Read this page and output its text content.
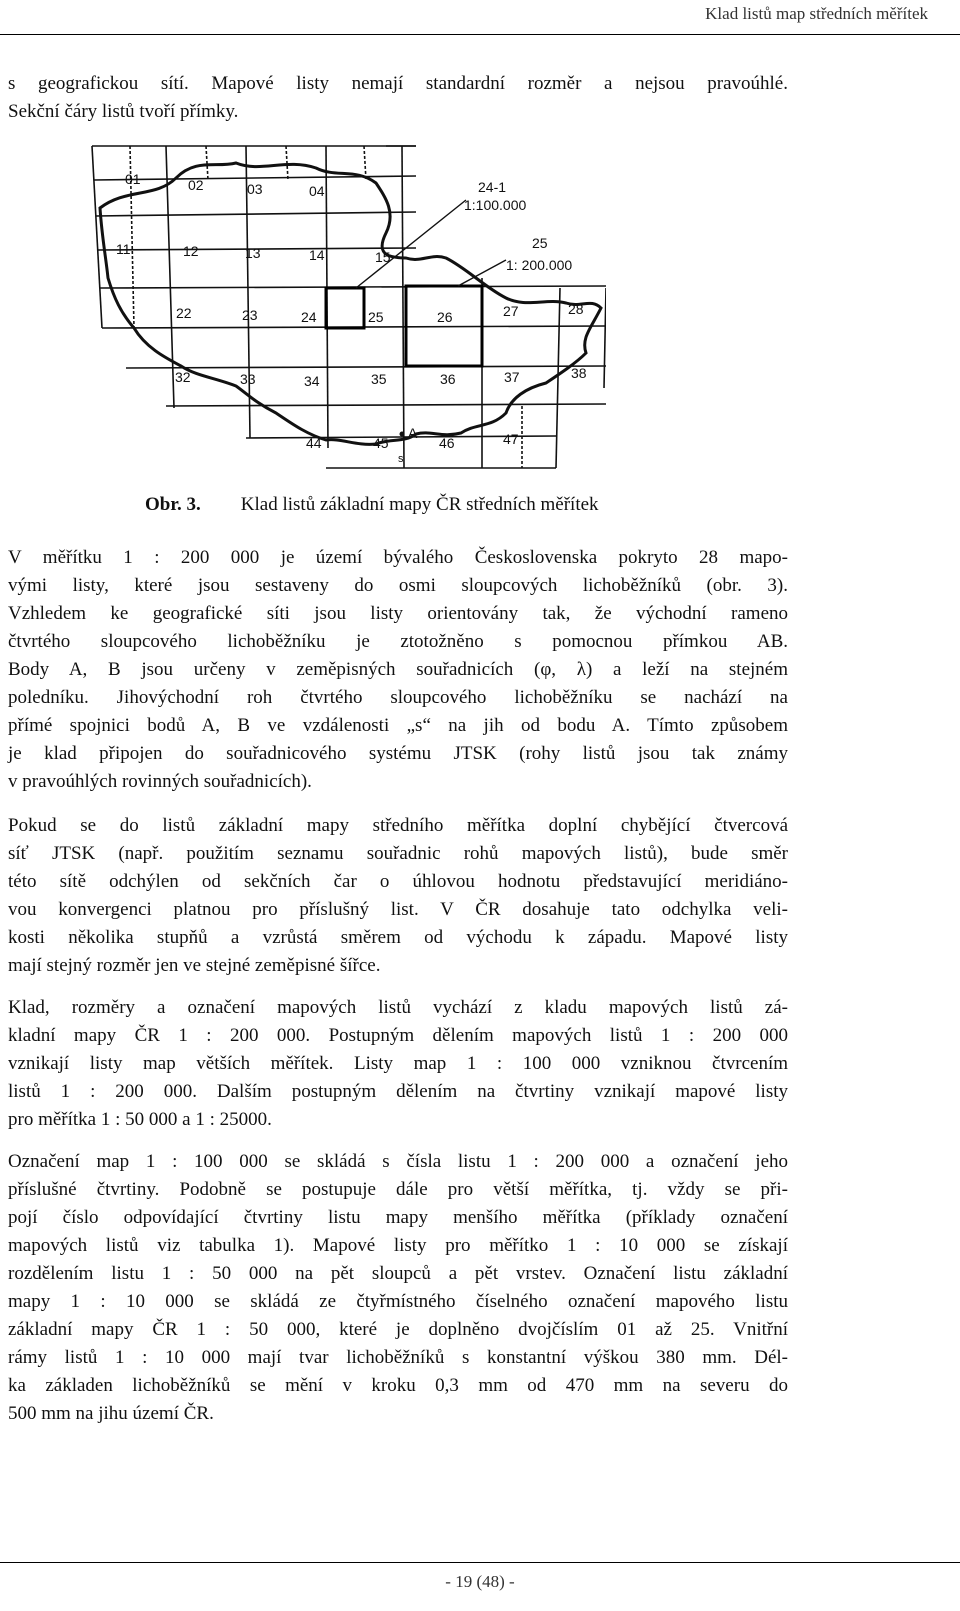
Klad listů map středních měřítek

s geografickou sítí. Mapové listy nemají standardní rozměr a nejsou pravoúhlé.
Sekční čáry listů tvoří přímky.

01	02	03	04
11	12	13	14	15
22	23	24	25	26	27	28
32	33	34	35	36	37	38
44	45	46	47
24-1
1:100.000
25
1: 200.000
A
s
Obr. 3. Klad listů základní mapy ČR středních měřítek

V měřítku 1 : 200 000 je území bývalého Československa pokryto 28 mapo-
vými listy, které jsou sestaveny do osmi sloupcových lichoběžníků (obr. 3).
Vzhledem ke geografické síti jsou listy orientovány tak, že východní rameno
čtvrtého sloupcového lichoběžníku je ztotožněno s pomocnou přímkou AB.
Body A, B jsou určeny v zeměpisných souřadnicích (φ, λ) a leží na stejném
poledníku. Jihovýchodní roh čtvrtého sloupcového lichoběžníku se nachází na
přímé spojnici bodů A, B ve vzdálenosti „s“ na jih od bodu A. Tímto způsobem
je klad připojen do souřadnicového systému JTSK (rohy listů jsou tak známy
v pravoúhlých rovinných souřadnicích).

Pokud se do listů základní mapy středního měřítka doplní chybějící čtvercová
síť JTSK (např. použitím seznamu souřadnic rohů mapových listů), bude směr
této sítě odchýlen od sekčních čar o úhlovou hodnotu představující meridiáno-
vou konvergenci platnou pro příslušný list. V ČR dosahuje tato odchylka veli-
kosti několika stupňů a vzrůstá směrem od východu k západu. Mapové listy
mají stejný rozměr jen ve stejné zeměpisné šířce.

Klad, rozměry a označení mapových listů vychází z kladu mapových listů zá-
kladní mapy ČR 1 : 200 000. Postupným dělením mapových listů 1 : 200 000
vznikají listy map větších měřítek. Listy map 1 : 100 000 vzniknou čtvrcením
listů 1 : 200 000. Dalším postupným dělením na čtvrtiny vznikají mapové listy
pro měřítka 1 : 50 000 a 1 : 25000.

Označení map 1 : 100 000 se skládá s čísla listu 1 : 200 000 a označení jeho
příslušné čtvrtiny. Podobně se postupuje dále pro větší měřítka, tj. vždy se při-
pojí číslo odpovídající čtvrtiny listu mapy menšího měřítka (příklady označení
mapových listů viz tabulka 1). Mapové listy pro měřítko 1 : 10 000 se získají
rozdělením listu 1 : 50 000 na pět sloupců a pět vrstev. Označení listu základní
mapy 1 : 10 000 se skládá ze čtyřmístného číselného označení mapového listu
základní mapy ČR 1 : 50 000, které je doplněno dvojčíslím 01 až 25. Vnitřní
rámy listů 1 : 10 000 mají tvar lichoběžníků s konstantní výškou 380 mm. Dél-
ka základen lichoběžníků se mění v kroku 0,3 mm od 470 mm na severu do
500 mm na jihu území ČR.

- 19 (48) -
